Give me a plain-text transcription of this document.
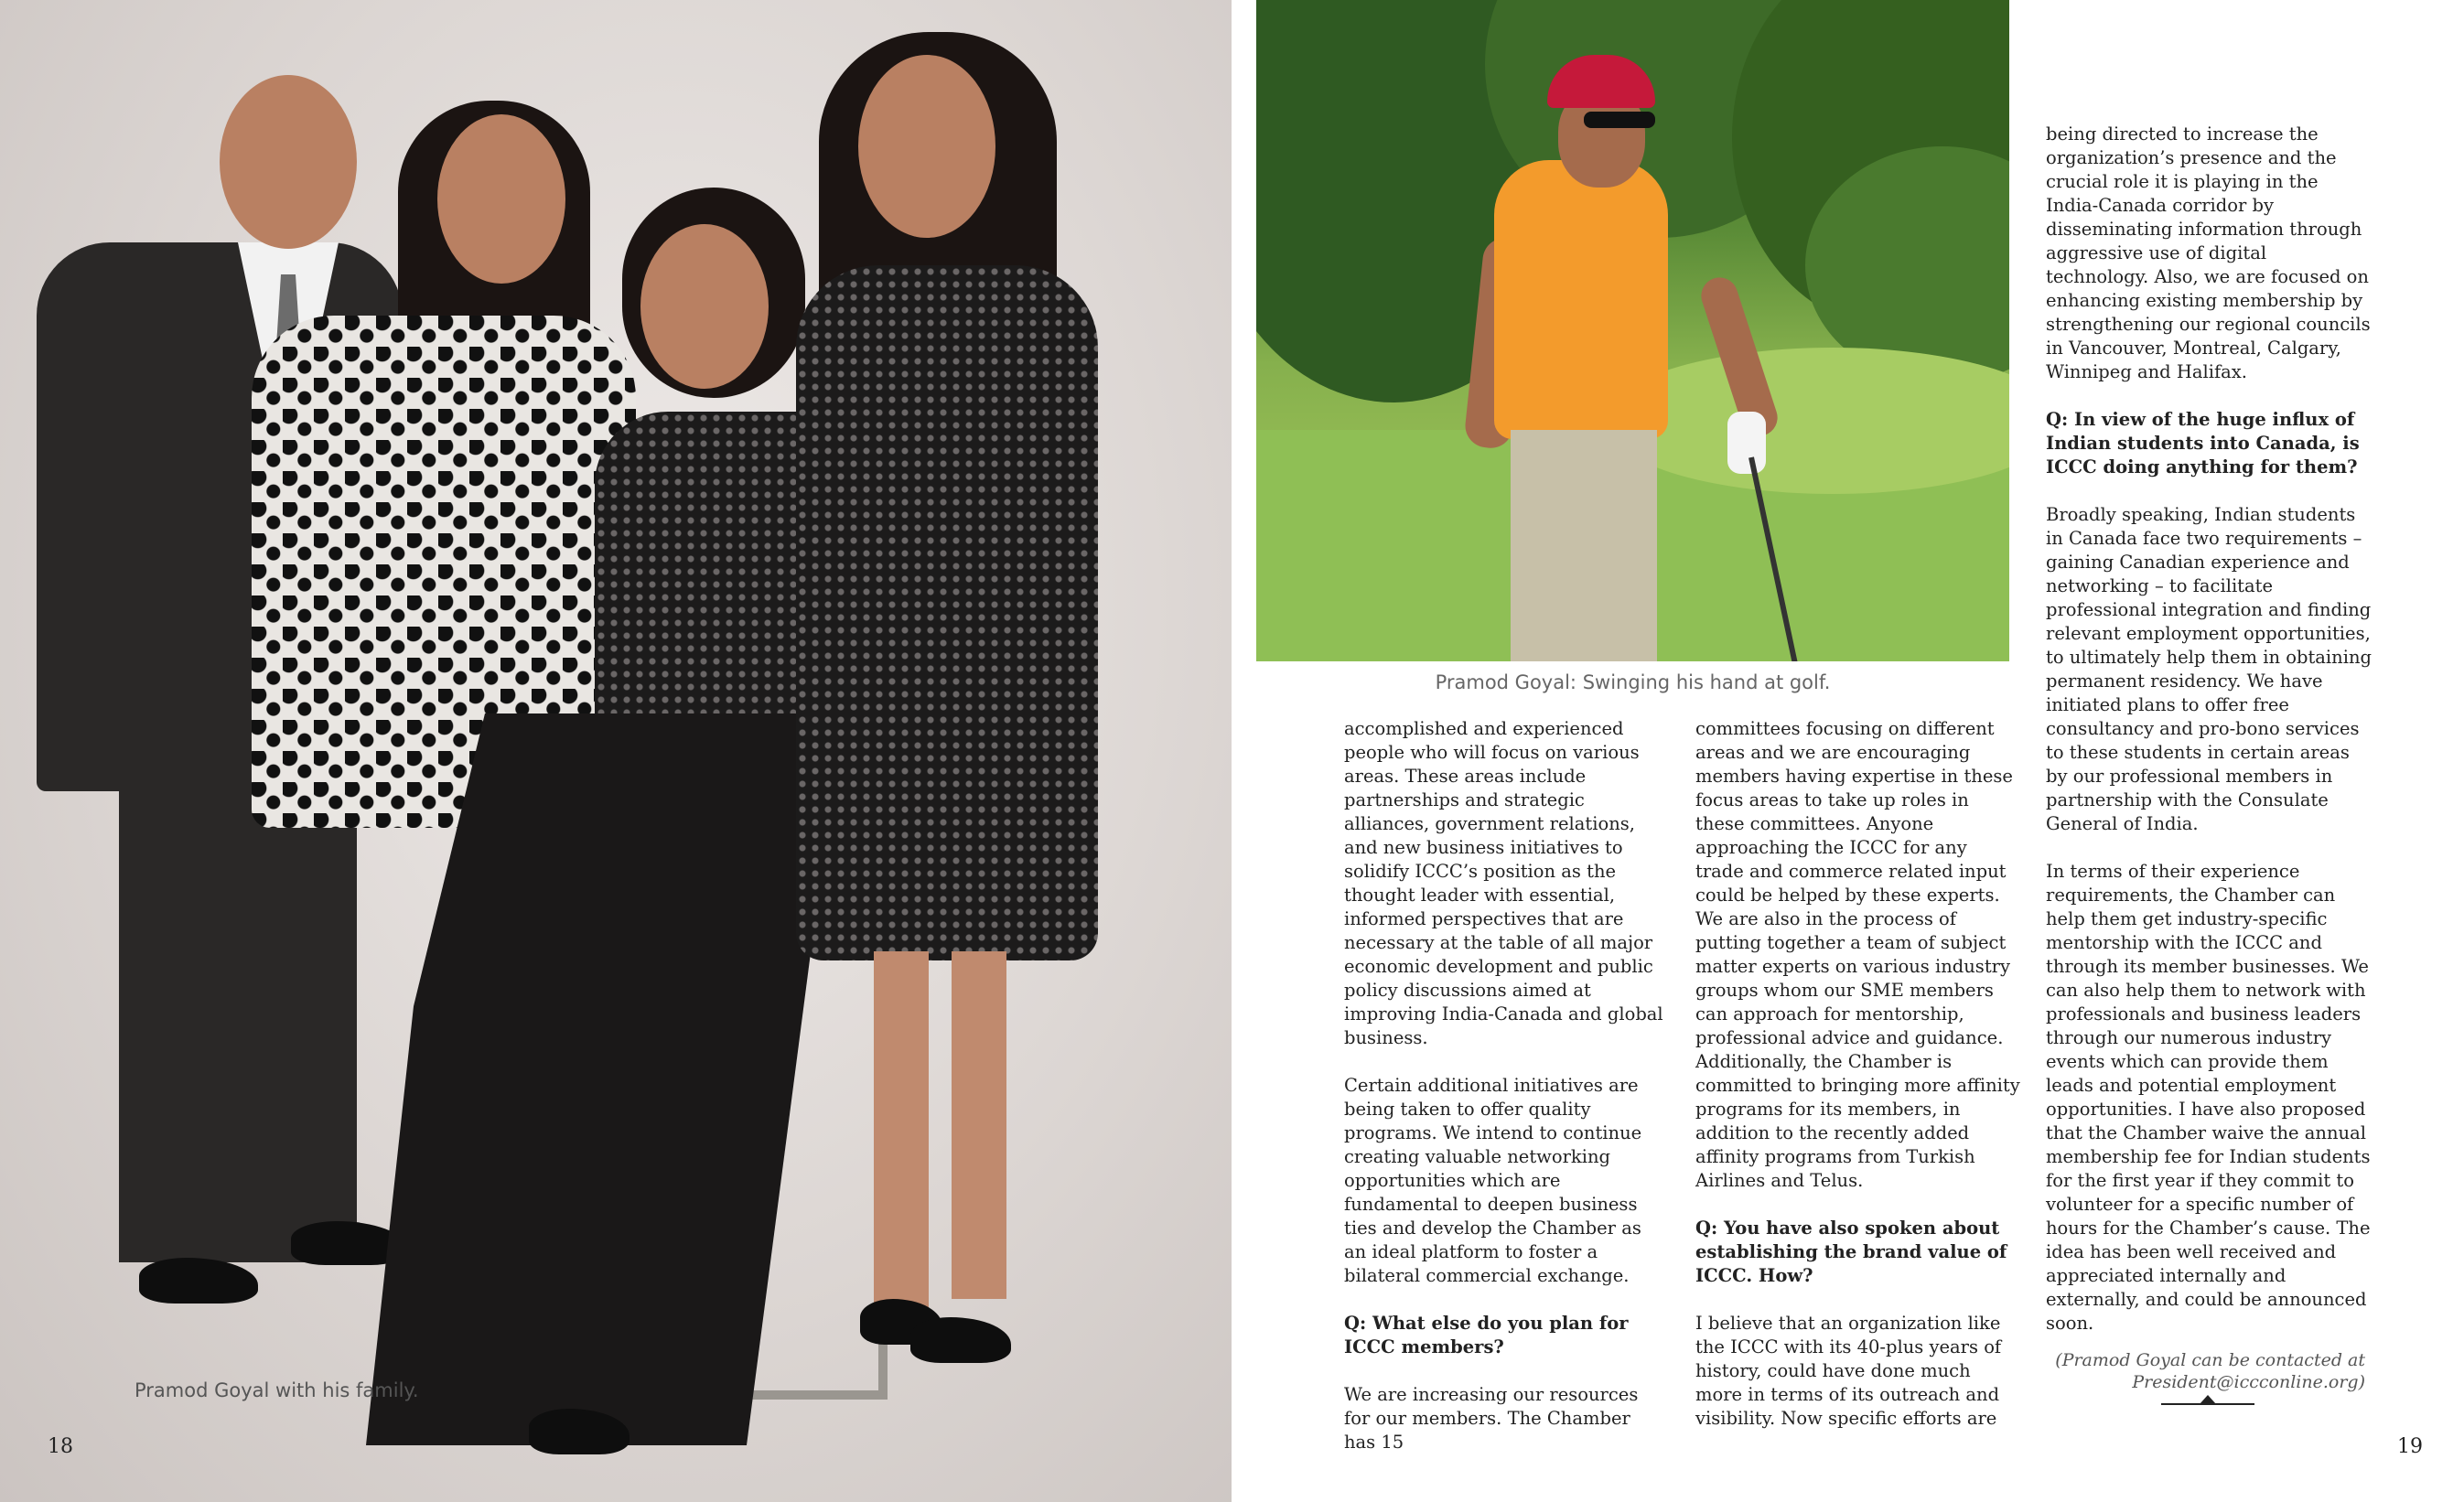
Pramod Goyal with his family.
18
Pramod Goyal: Swinging his hand at golf.

accomplished and experienced people who will focus on various areas. These areas include partnerships and strategic alliances, government relations, and new business initiatives to solidify ICCC’s position as the thought leader with essential, informed perspectives that are necessary at the table of all major economic development and public policy discussions aimed at improving India-Canada and global business.

Certain additional initiatives are being taken to offer quality programs. We intend to continue creating valuable networking opportunities which are fundamental to deepen business ties and develop the Chamber as an ideal platform to foster a bilateral commercial exchange.

Q: What else do you plan for ICCC members?

We are increasing our resources for our members. The Chamber has 15

committees focusing on different areas and we are encouraging members having expertise in these focus areas to take up roles in these committees. Anyone approaching the ICCC for any trade and commerce related input could be helped by these experts. We are also in the process of putting together a team of subject matter experts on various industry groups whom our SME members can approach for mentorship, professional advice and guidance. Additionally, the Chamber is committed to bringing more affinity programs for its members, in addition to the recently added affinity programs from Turkish Airlines and Telus.

Q: You have also spoken about establishing the brand value of ICCC. How?

I believe that an organization like the ICCC with its 40-plus years of history, could have done much more in terms of its outreach and visibility. Now specific efforts are

being directed to increase the organization’s presence and the crucial role it is playing in the India-Canada corridor by disseminating information through aggressive use of digital technology. Also, we are focused on enhancing existing membership by strengthening our regional councils in Vancouver, Montreal, Calgary, Winnipeg and Halifax.

Q: In view of the huge influx of Indian students into Canada, is ICCC doing anything for them?

Broadly speaking, Indian students in Canada face two requirements – gaining Canadian experience and networking – to facilitate professional integration and finding relevant employment opportunities, to ultimately help them in obtaining permanent residency. We have initiated plans to offer free consultancy and pro-bono services to these students in certain areas by our professional members in partnership with the Consulate General of India.

In terms of their experience requirements, the Chamber can help them get industry-specific mentorship with the ICCC and through its member businesses. We can also help them to network with professionals and business leaders through our numerous industry events which can provide them leads and potential employment opportunities. I have also proposed that the Chamber waive the annual membership fee for Indian students for the first year if they commit to volunteer for a specific number of hours for the Chamber’s cause. The idea has been well received and appreciated internally and externally, and could be announced soon.

(Pramod Goyal can be contacted at
President@iccconline.org)
19
